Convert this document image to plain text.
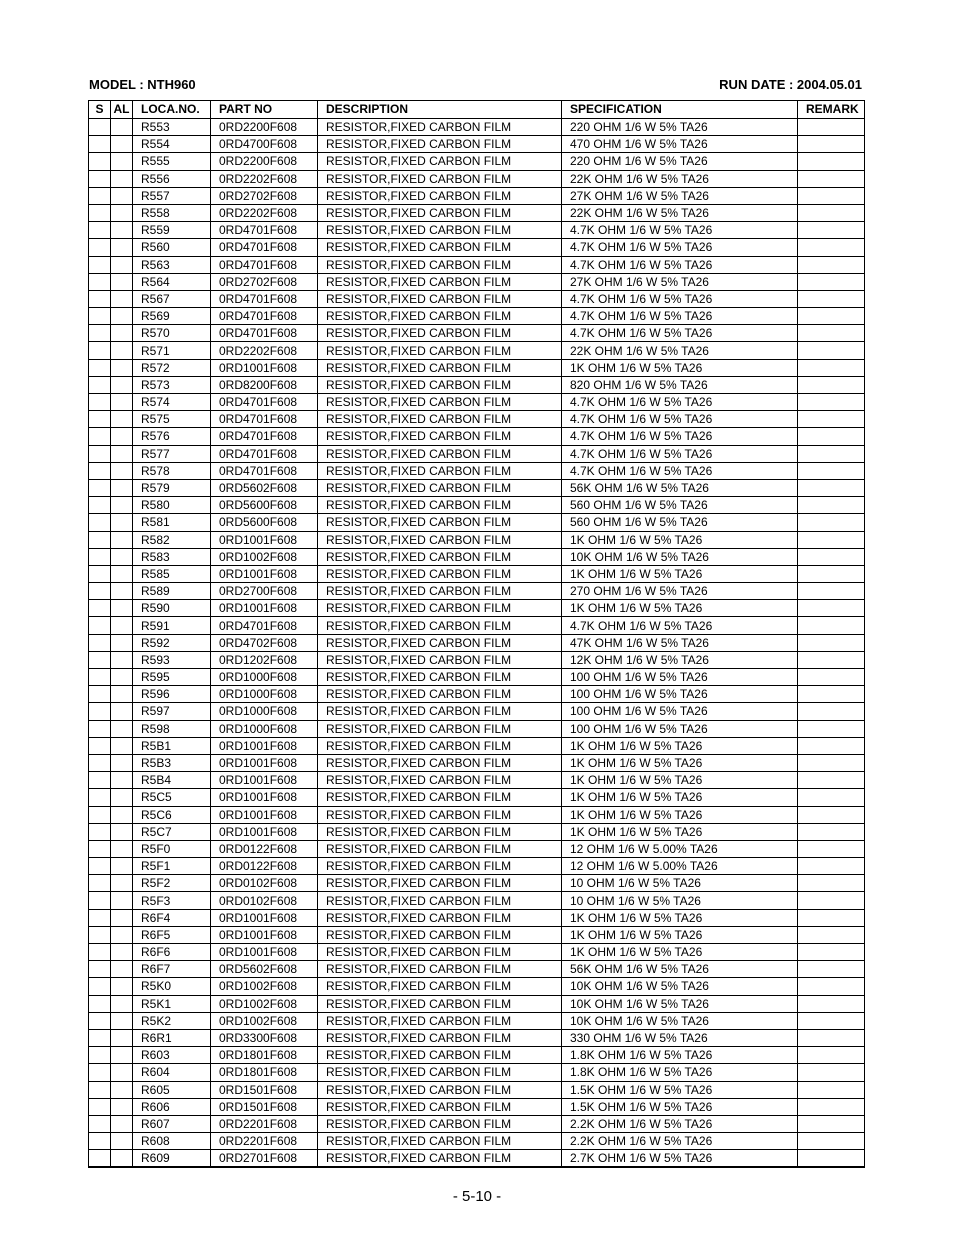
MODEL : NTH960	RUN DATE : 2004.05.01
S	AL	LOCA.NO.	PART NO	DESCRIPTION	SPECIFICATION	REMARK
		R553	0RD2200F608	RESISTOR,FIXED CARBON FILM	220 OHM 1/6 W 5% TA26	
		R554	0RD4700F608	RESISTOR,FIXED CARBON FILM	470 OHM 1/6 W 5% TA26	
		R555	0RD2200F608	RESISTOR,FIXED CARBON FILM	220 OHM 1/6 W 5% TA26	
		R556	0RD2202F608	RESISTOR,FIXED CARBON FILM	22K OHM 1/6 W 5% TA26	
		R557	0RD2702F608	RESISTOR,FIXED CARBON FILM	27K OHM 1/6 W 5% TA26	
		R558	0RD2202F608	RESISTOR,FIXED CARBON FILM	22K OHM 1/6 W 5% TA26	
		R559	0RD4701F608	RESISTOR,FIXED CARBON FILM	4.7K OHM 1/6 W 5% TA26	
		R560	0RD4701F608	RESISTOR,FIXED CARBON FILM	4.7K OHM 1/6 W 5% TA26	
		R563	0RD4701F608	RESISTOR,FIXED CARBON FILM	4.7K OHM 1/6 W 5% TA26	
		R564	0RD2702F608	RESISTOR,FIXED CARBON FILM	27K OHM 1/6 W 5% TA26	
		R567	0RD4701F608	RESISTOR,FIXED CARBON FILM	4.7K OHM 1/6 W 5% TA26	
		R569	0RD4701F608	RESISTOR,FIXED CARBON FILM	4.7K OHM 1/6 W 5% TA26	
		R570	0RD4701F608	RESISTOR,FIXED CARBON FILM	4.7K OHM 1/6 W 5% TA26	
		R571	0RD2202F608	RESISTOR,FIXED CARBON FILM	22K OHM 1/6 W 5% TA26	
		R572	0RD1001F608	RESISTOR,FIXED CARBON FILM	1K OHM 1/6 W 5% TA26	
		R573	0RD8200F608	RESISTOR,FIXED CARBON FILM	820 OHM 1/6 W 5% TA26	
		R574	0RD4701F608	RESISTOR,FIXED CARBON FILM	4.7K OHM 1/6 W 5% TA26	
		R575	0RD4701F608	RESISTOR,FIXED CARBON FILM	4.7K OHM 1/6 W 5% TA26	
		R576	0RD4701F608	RESISTOR,FIXED CARBON FILM	4.7K OHM 1/6 W 5% TA26	
		R577	0RD4701F608	RESISTOR,FIXED CARBON FILM	4.7K OHM 1/6 W 5% TA26	
		R578	0RD4701F608	RESISTOR,FIXED CARBON FILM	4.7K OHM 1/6 W 5% TA26	
		R579	0RD5602F608	RESISTOR,FIXED CARBON FILM	56K OHM 1/6 W 5% TA26	
		R580	0RD5600F608	RESISTOR,FIXED CARBON FILM	560 OHM 1/6 W 5% TA26	
		R581	0RD5600F608	RESISTOR,FIXED CARBON FILM	560 OHM 1/6 W 5% TA26	
		R582	0RD1001F608	RESISTOR,FIXED CARBON FILM	1K OHM 1/6 W 5% TA26	
		R583	0RD1002F608	RESISTOR,FIXED CARBON FILM	10K OHM 1/6 W 5% TA26	
		R585	0RD1001F608	RESISTOR,FIXED CARBON FILM	1K OHM 1/6 W 5% TA26	
		R589	0RD2700F608	RESISTOR,FIXED CARBON FILM	270 OHM 1/6 W 5% TA26	
		R590	0RD1001F608	RESISTOR,FIXED CARBON FILM	1K OHM 1/6 W 5% TA26	
		R591	0RD4701F608	RESISTOR,FIXED CARBON FILM	4.7K OHM 1/6 W 5% TA26	
		R592	0RD4702F608	RESISTOR,FIXED CARBON FILM	47K OHM 1/6 W 5% TA26	
		R593	0RD1202F608	RESISTOR,FIXED CARBON FILM	12K OHM 1/6 W 5% TA26	
		R595	0RD1000F608	RESISTOR,FIXED CARBON FILM	100 OHM 1/6 W 5% TA26	
		R596	0RD1000F608	RESISTOR,FIXED CARBON FILM	100 OHM 1/6 W 5% TA26	
		R597	0RD1000F608	RESISTOR,FIXED CARBON FILM	100 OHM 1/6 W 5% TA26	
		R598	0RD1000F608	RESISTOR,FIXED CARBON FILM	100 OHM 1/6 W 5% TA26	
		R5B1	0RD1001F608	RESISTOR,FIXED CARBON FILM	1K OHM 1/6 W 5% TA26	
		R5B3	0RD1001F608	RESISTOR,FIXED CARBON FILM	1K OHM 1/6 W 5% TA26	
		R5B4	0RD1001F608	RESISTOR,FIXED CARBON FILM	1K OHM 1/6 W 5% TA26	
		R5C5	0RD1001F608	RESISTOR,FIXED CARBON FILM	1K OHM 1/6 W 5% TA26	
		R5C6	0RD1001F608	RESISTOR,FIXED CARBON FILM	1K OHM 1/6 W 5% TA26	
		R5C7	0RD1001F608	RESISTOR,FIXED CARBON FILM	1K OHM 1/6 W 5% TA26	
		R5F0	0RD0122F608	RESISTOR,FIXED CARBON FILM	12 OHM 1/6 W 5.00% TA26	
		R5F1	0RD0122F608	RESISTOR,FIXED CARBON FILM	12 OHM 1/6 W 5.00% TA26	
		R5F2	0RD0102F608	RESISTOR,FIXED CARBON FILM	10 OHM 1/6 W 5% TA26	
		R5F3	0RD0102F608	RESISTOR,FIXED CARBON FILM	10 OHM 1/6 W 5% TA26	
		R6F4	0RD1001F608	RESISTOR,FIXED CARBON FILM	1K OHM 1/6 W 5% TA26	
		R6F5	0RD1001F608	RESISTOR,FIXED CARBON FILM	1K OHM 1/6 W 5% TA26	
		R6F6	0RD1001F608	RESISTOR,FIXED CARBON FILM	1K OHM 1/6 W 5% TA26	
		R6F7	0RD5602F608	RESISTOR,FIXED CARBON FILM	56K OHM 1/6 W 5% TA26	
		R5K0	0RD1002F608	RESISTOR,FIXED CARBON FILM	10K OHM 1/6 W 5% TA26	
		R5K1	0RD1002F608	RESISTOR,FIXED CARBON FILM	10K OHM 1/6 W 5% TA26	
		R5K2	0RD1002F608	RESISTOR,FIXED CARBON FILM	10K OHM 1/6 W 5% TA26	
		R6R1	0RD3300F608	RESISTOR,FIXED CARBON FILM	330 OHM 1/6 W 5% TA26	
		R603	0RD1801F608	RESISTOR,FIXED CARBON FILM	1.8K OHM 1/6 W 5% TA26	
		R604	0RD1801F608	RESISTOR,FIXED CARBON FILM	1.8K OHM 1/6 W 5% TA26	
		R605	0RD1501F608	RESISTOR,FIXED CARBON FILM	1.5K OHM 1/6 W 5% TA26	
		R606	0RD1501F608	RESISTOR,FIXED CARBON FILM	1.5K OHM 1/6 W 5% TA26	
		R607	0RD2201F608	RESISTOR,FIXED CARBON FILM	2.2K OHM 1/6 W 5% TA26	
		R608	0RD2201F608	RESISTOR,FIXED CARBON FILM	2.2K OHM 1/6 W 5% TA26	
		R609	0RD2701F608	RESISTOR,FIXED CARBON FILM	2.7K OHM 1/6 W 5% TA26	
- 5-10 -
